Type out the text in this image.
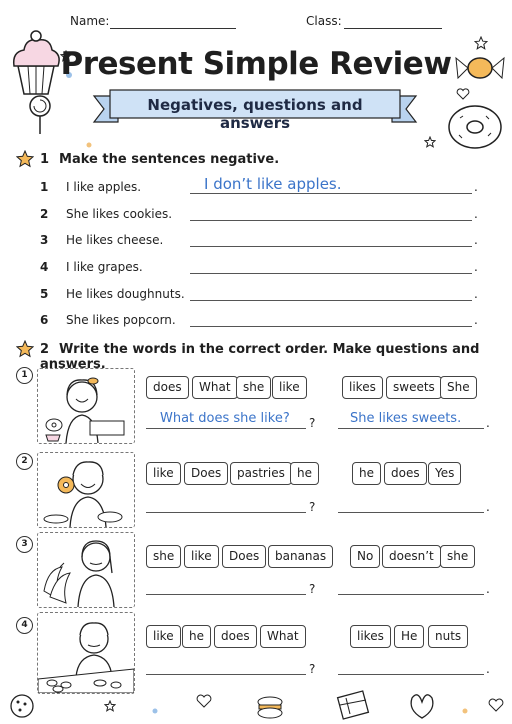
Name:	Class:
Present Simple Review
Negatives, questions and answers
1 Make the sentences negative.
1 I like apples.	I don’t like apples.	.
2 She likes cookies.	.
3 He likes cheese.	.
4 I like grapes.	.
5 He likes doughnuts.	.
6 She likes popcorn.	.
2 Write the words in the correct order. Make questions and answers.
1
does	What	she	like	likes	sweets	She
What does she like? ?	She likes sweets. .
2
like	Does	pastries	he	he	does	Yes
?	.
3
she	like	Does	bananas	No	doesn’t	she
?	.
4
like	he	does	What	likes	He	nuts
?	.
